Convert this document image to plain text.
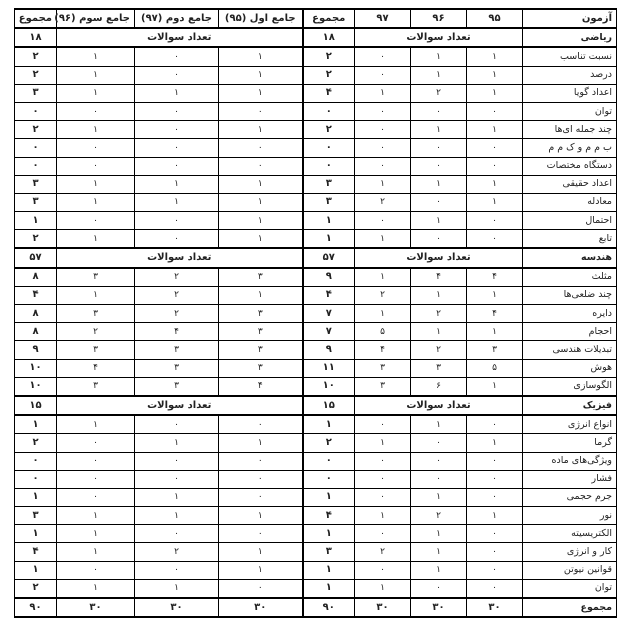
آزمون	۹۵	۹۶	۹۷	مجموع	جامع اول (۹۵)	جامع دوم (۹۷)	جامع سوم (۹۶)	مجموع
ریاضی	تعداد سوالات			۱۸	تعداد سوالات			۱۸
نسبت تناسب	۱	۱	۰	۲	۱	۰	۱	۲
درصد	۱	۱	۰	۲	۱	۰	۱	۲
اعداد گویا	۱	۲	۱	۴	۱	۱	۱	۳
توان	۰	۰	۰	۰	۰	۰	۰	۰
چند جمله ای‌ها	۱	۱	۰	۲	۱	۰	۱	۲
ب م م و ک م م	۰	۰	۰	۰	۰	۰	۰	۰
دستگاه مختصات	۰	۰	۰	۰	۰	۰	۰	۰
اعداد حقیقی	۱	۱	۱	۳	۱	۱	۱	۳
معادله	۱	۰	۲	۳	۱	۱	۱	۳
احتمال	۰	۱	۰	۱	۱	۰	۰	۱
تابع	۰	۰	۱	۱	۱	۰	۱	۲
هندسه	تعداد سوالات			۵۷	تعداد سوالات			۵۷
مثلث	۴	۴	۱	۹	۳	۲	۳	۸
چند ضلعی‌ها	۱	۱	۲	۴	۱	۲	۱	۴
دایره	۴	۲	۱	۷	۳	۲	۳	۸
احجام	۱	۱	۵	۷	۳	۴	۲	۸
تبدیلات هندسی	۳	۲	۴	۹	۳	۳	۳	۹
هوش	۵	۳	۳	۱۱	۳	۳	۴	۱۰
الگوسازی	۱	۶	۳	۱۰	۴	۳	۳	۱۰
فیزیک	تعداد سوالات			۱۵	تعداد سوالات			۱۵
انواع انرژی	۰	۱	۰	۱	۰	۰	۱	۱
گرما	۱	۰	۱	۲	۱	۱	۰	۲
ویژگی‌های ماده	۰	۰	۰	۰	۰	۰	۰	۰
فشار	۰	۰	۰	۰	۰	۰	۰	۰
جرم حجمی	۰	۱	۰	۱	۰	۱	۰	۱
نور	۱	۲	۱	۴	۱	۱	۱	۳
الکتریسیته	۰	۱	۰	۱	۰	۰	۱	۱
کار و انرژی	۰	۱	۲	۳	۱	۲	۱	۴
قوانین نیوتن	۰	۱	۰	۱	۱	۰	۰	۱
توان	۰	۰	۱	۱	۰	۱	۱	۲
مجموع	۳۰	۳۰	۳۰	۹۰	۳۰	۳۰	۳۰	۹۰
